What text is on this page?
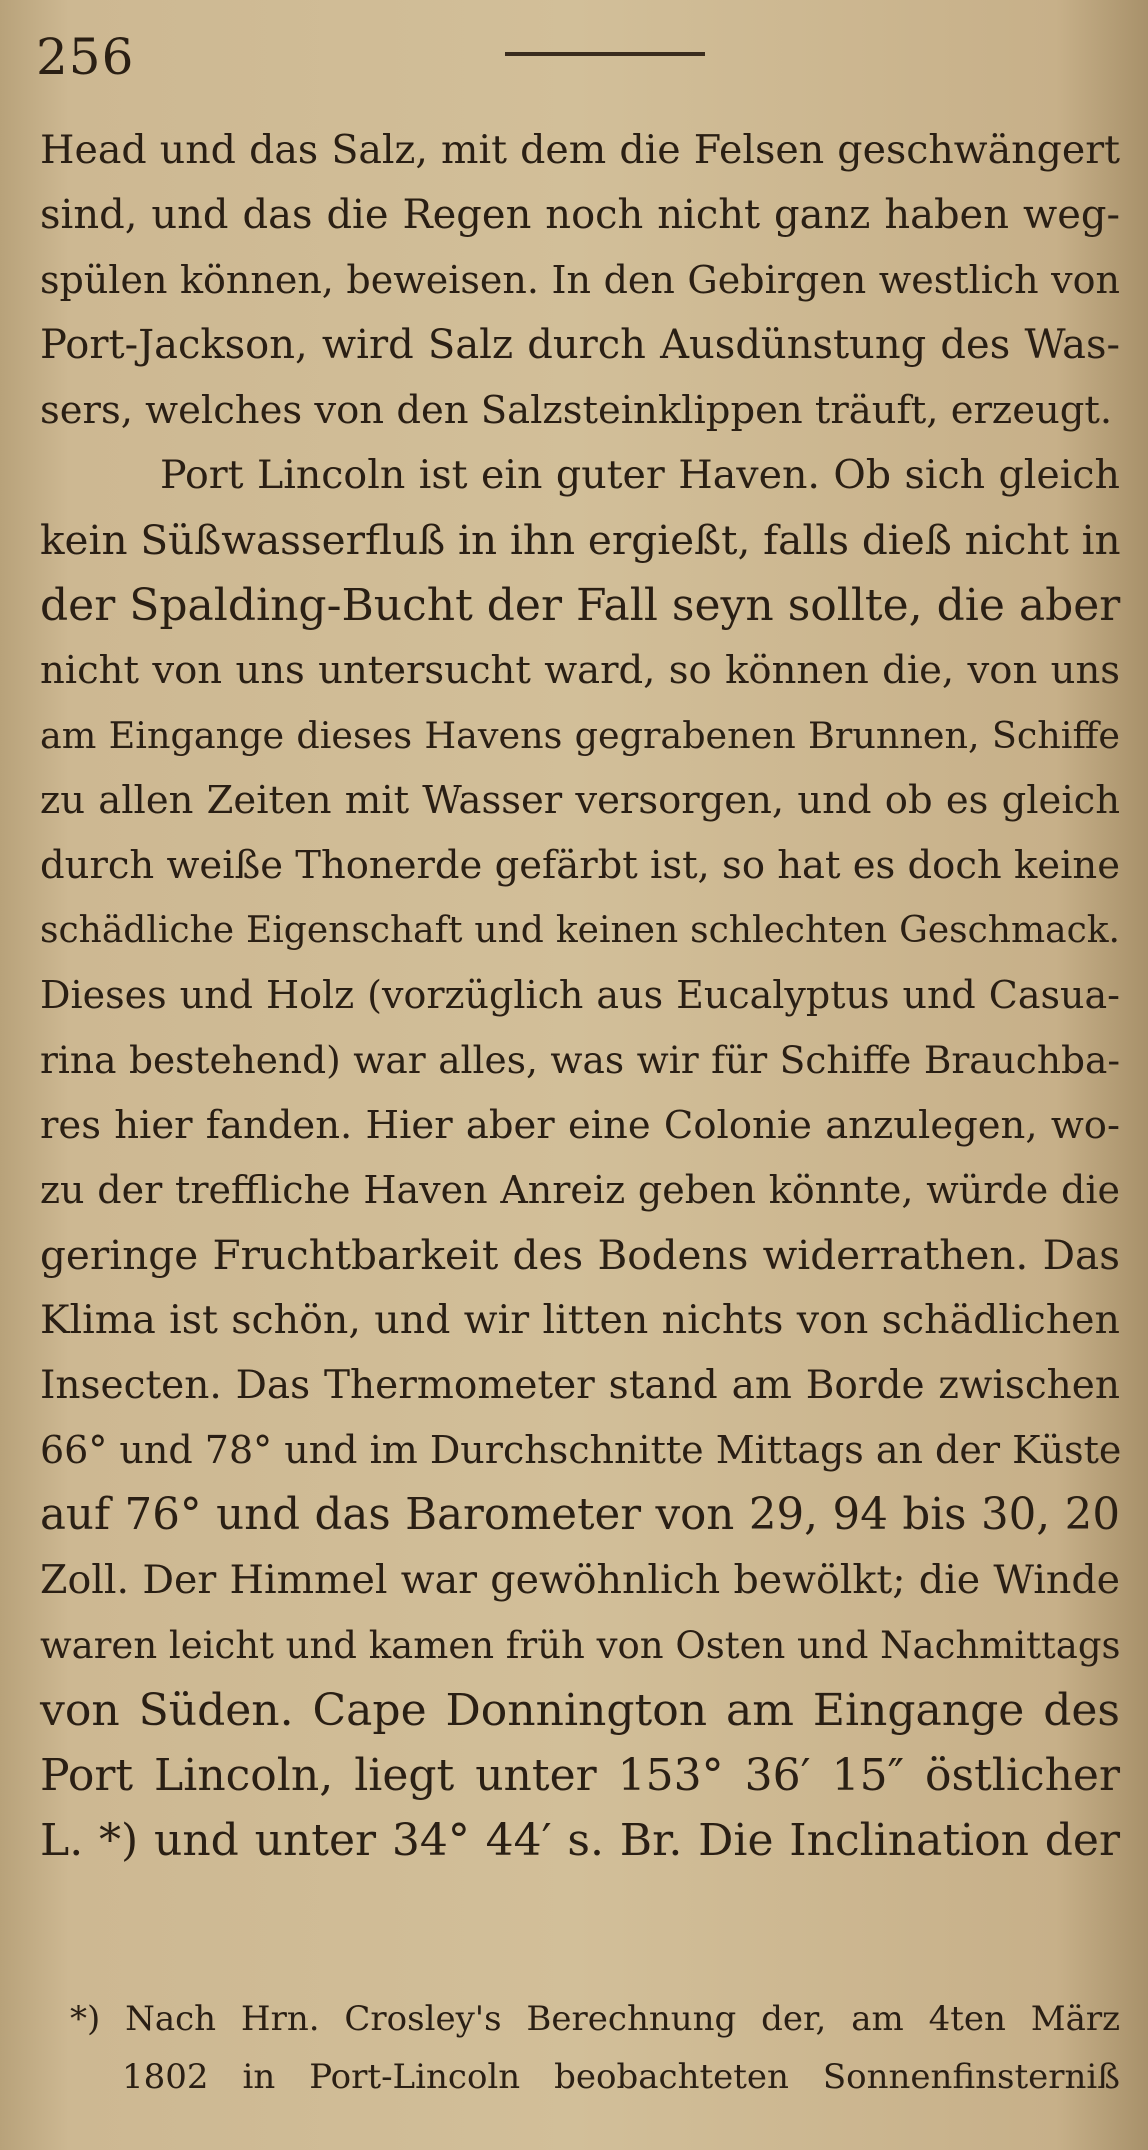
256
Head und das Salz, mit dem die Felsen geschwängert
sind, und das die Regen noch nicht ganz haben weg-
spülen können, beweisen. In den Gebirgen westlich von
Port-Jackson, wird Salz durch Ausdünstung des Was-
sers, welches von den Salzsteinklippen träuft, erzeugt.
Port Lincoln ist ein guter Haven. Ob sich gleich
kein Süßwasserfluß in ihn ergießt, falls dieß nicht in
der Spalding-Bucht der Fall seyn sollte, die aber
nicht von uns untersucht ward, so können die, von uns
am Eingange dieses Havens gegrabenen Brunnen, Schiffe
zu allen Zeiten mit Wasser versorgen, und ob es gleich
durch weiße Thonerde gefärbt ist, so hat es doch keine
schädliche Eigenschaft und keinen schlechten Geschmack.
Dieses und Holz (vorzüglich aus Eucalyptus und Casua-
rina bestehend) war alles, was wir für Schiffe Brauchba-
res hier fanden. Hier aber eine Colonie anzulegen, wo-
zu der treffliche Haven Anreiz geben könnte, würde die
geringe Fruchtbarkeit des Bodens widerrathen. Das
Klima ist schön, und wir litten nichts von schädlichen
Insecten. Das Thermometer stand am Borde zwischen
66° und 78° und im Durchschnitte Mittags an der Küste
auf 76° und das Barometer von 29, 94 bis 30, 20
Zoll. Der Himmel war gewöhnlich bewölkt; die Winde
waren leicht und kamen früh von Osten und Nachmittags
von Süden. Cape Donnington am Eingange des
Port Lincoln, liegt unter 153° 36′ 15″ östlicher
L. *) und unter 34° 44′ s. Br. Die Inclination der
*) Nach Hrn. Crosley's Berechnung der, am 4ten März
1802 in Port-Lincoln beobachteten Sonnenfinsterniß
